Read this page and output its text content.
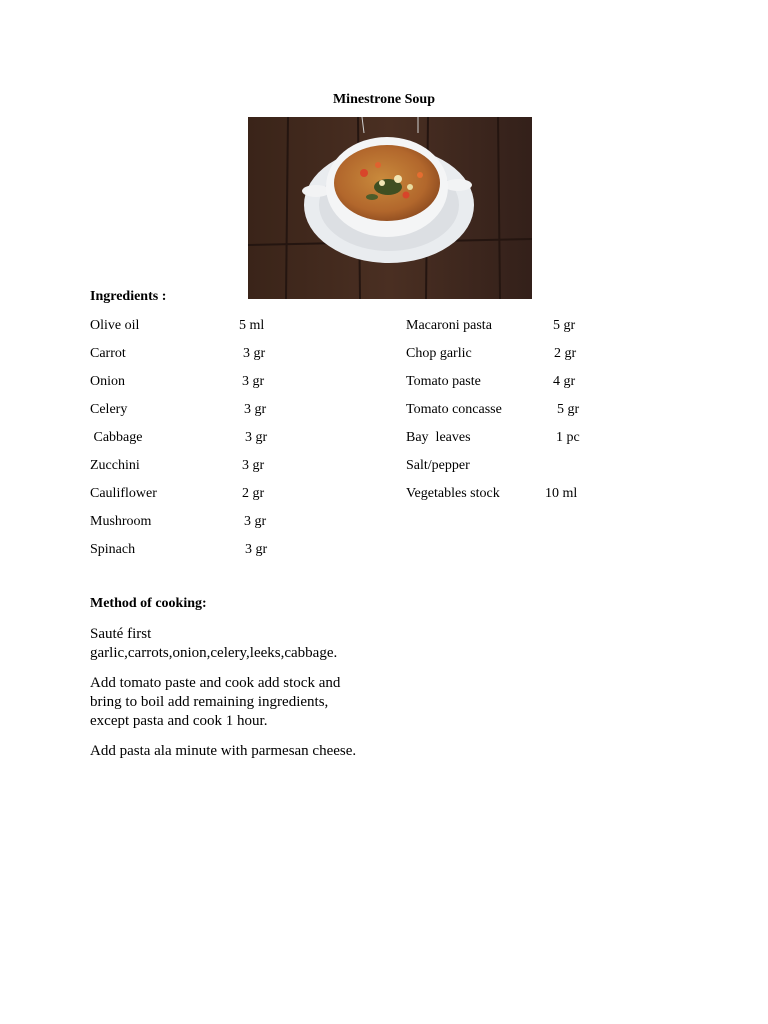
Minestrone Soup
Ingredients :
Olive oil	5 ml
Carrot	3 gr
Onion	3 gr
Celery	3 gr
Cabbage	3 gr
Zucchini	3 gr
Cauliflower	2 gr
Mushroom	3 gr
Spinach	3 gr
Macaroni pasta	5 gr
Chop garlic	2 gr
Tomato paste	4 gr
Tomato concasse	5 gr
Bay  leaves	1 pc
Salt/pepper
Vegetables stock	10 ml
Method of cooking:

Sauté first garlic,carrots,onion,celery,leeks,cabbage.

Add tomato paste and cook add stock and bring to boil add remaining ingredients, except pasta and cook 1 hour.

Add pasta ala minute with parmesan cheese.
